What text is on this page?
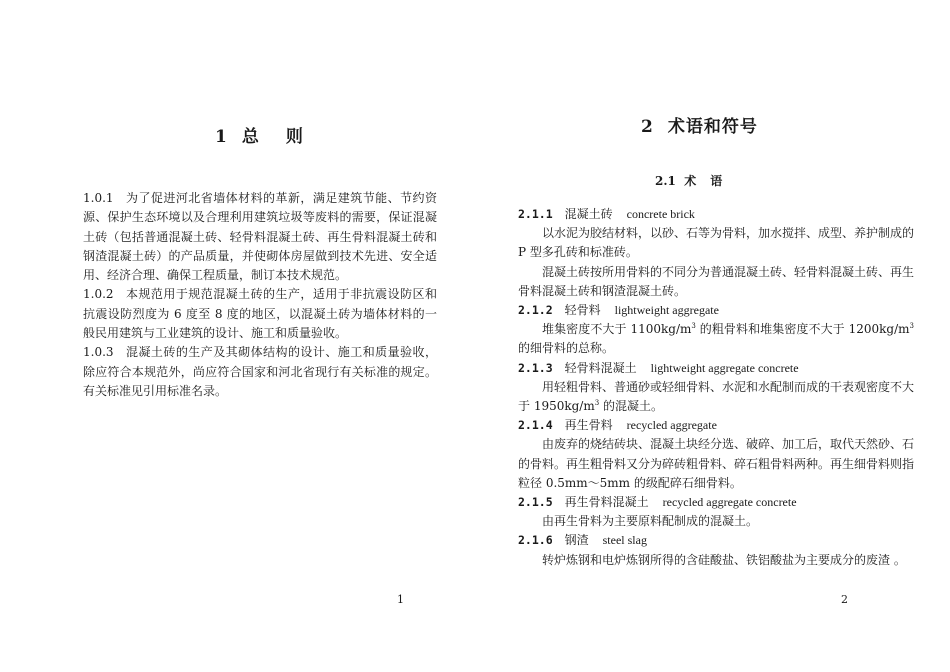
1 总 则

1.0.1 为了促进河北省墙体材料的革新，满足建筑节能、节约资源、保护生态环境以及合理利用建筑垃圾等废料的需要，保证混凝土砖（包括普通混凝土砖、轻骨料混凝土砖、再生骨料混凝土砖和钢渣混凝土砖）的产品质量，并使砌体房屋做到技术先进、安全适用、经济合理、确保工程质量，制订本技术规范。

1.0.2 本规范用于规范混凝土砖的生产，适用于非抗震设防区和抗震设防烈度为 6 度至 8 度的地区，以混凝土砖为墙体材料的一般民用建筑与工业建筑的设计、施工和质量验收。

1.0.3 混凝土砖的生产及其砌体结构的设计、施工和质量验收，除应符合本规范外，尚应符合国家和河北省现行有关标准的规定。有关标准见引用标准名录。

1
2 术语和符号
2.1 术 语

2.1.1 混凝土砖 concrete brick

以水泥为胶结材料，以砂、石等为骨料，加水搅拌、成型、养护制成的 P 型多孔砖和标准砖。

混凝土砖按所用骨料的不同分为普通混凝土砖、轻骨料混凝土砖、再生骨料混凝土砖和钢渣混凝土砖。

2.1.2 轻骨料 lightweight aggregate

堆集密度不大于 $1100kg/m^3$ 的粗骨料和堆集密度不大于 $1200kg/m^3$ 的细骨料的总称。

2.1.3 轻骨料混凝土 lightweight aggregate concrete

用轻粗骨料、普通砂或轻细骨料、水泥和水配制而成的干表观密度不大于 $1950kg/m^3$ 的混凝土。

2.1.4 再生骨料 recycled aggregate

由废弃的烧结砖块、混凝土块经分选、破碎、加工后，取代天然砂、石的骨料。再生粗骨料又分为碎砖粗骨料、碎石粗骨料两种。再生细骨料则指粒径 0.5mm～5mm 的级配碎石细骨料。

2.1.5 再生骨料混凝土 recycled aggregate concrete

由再生骨料为主要原料配制成的混凝土。

2.1.6 钢渣 steel slag

转炉炼钢和电炉炼钢所得的含硅酸盐、铁铝酸盐为主要成分的废渣 。

2
